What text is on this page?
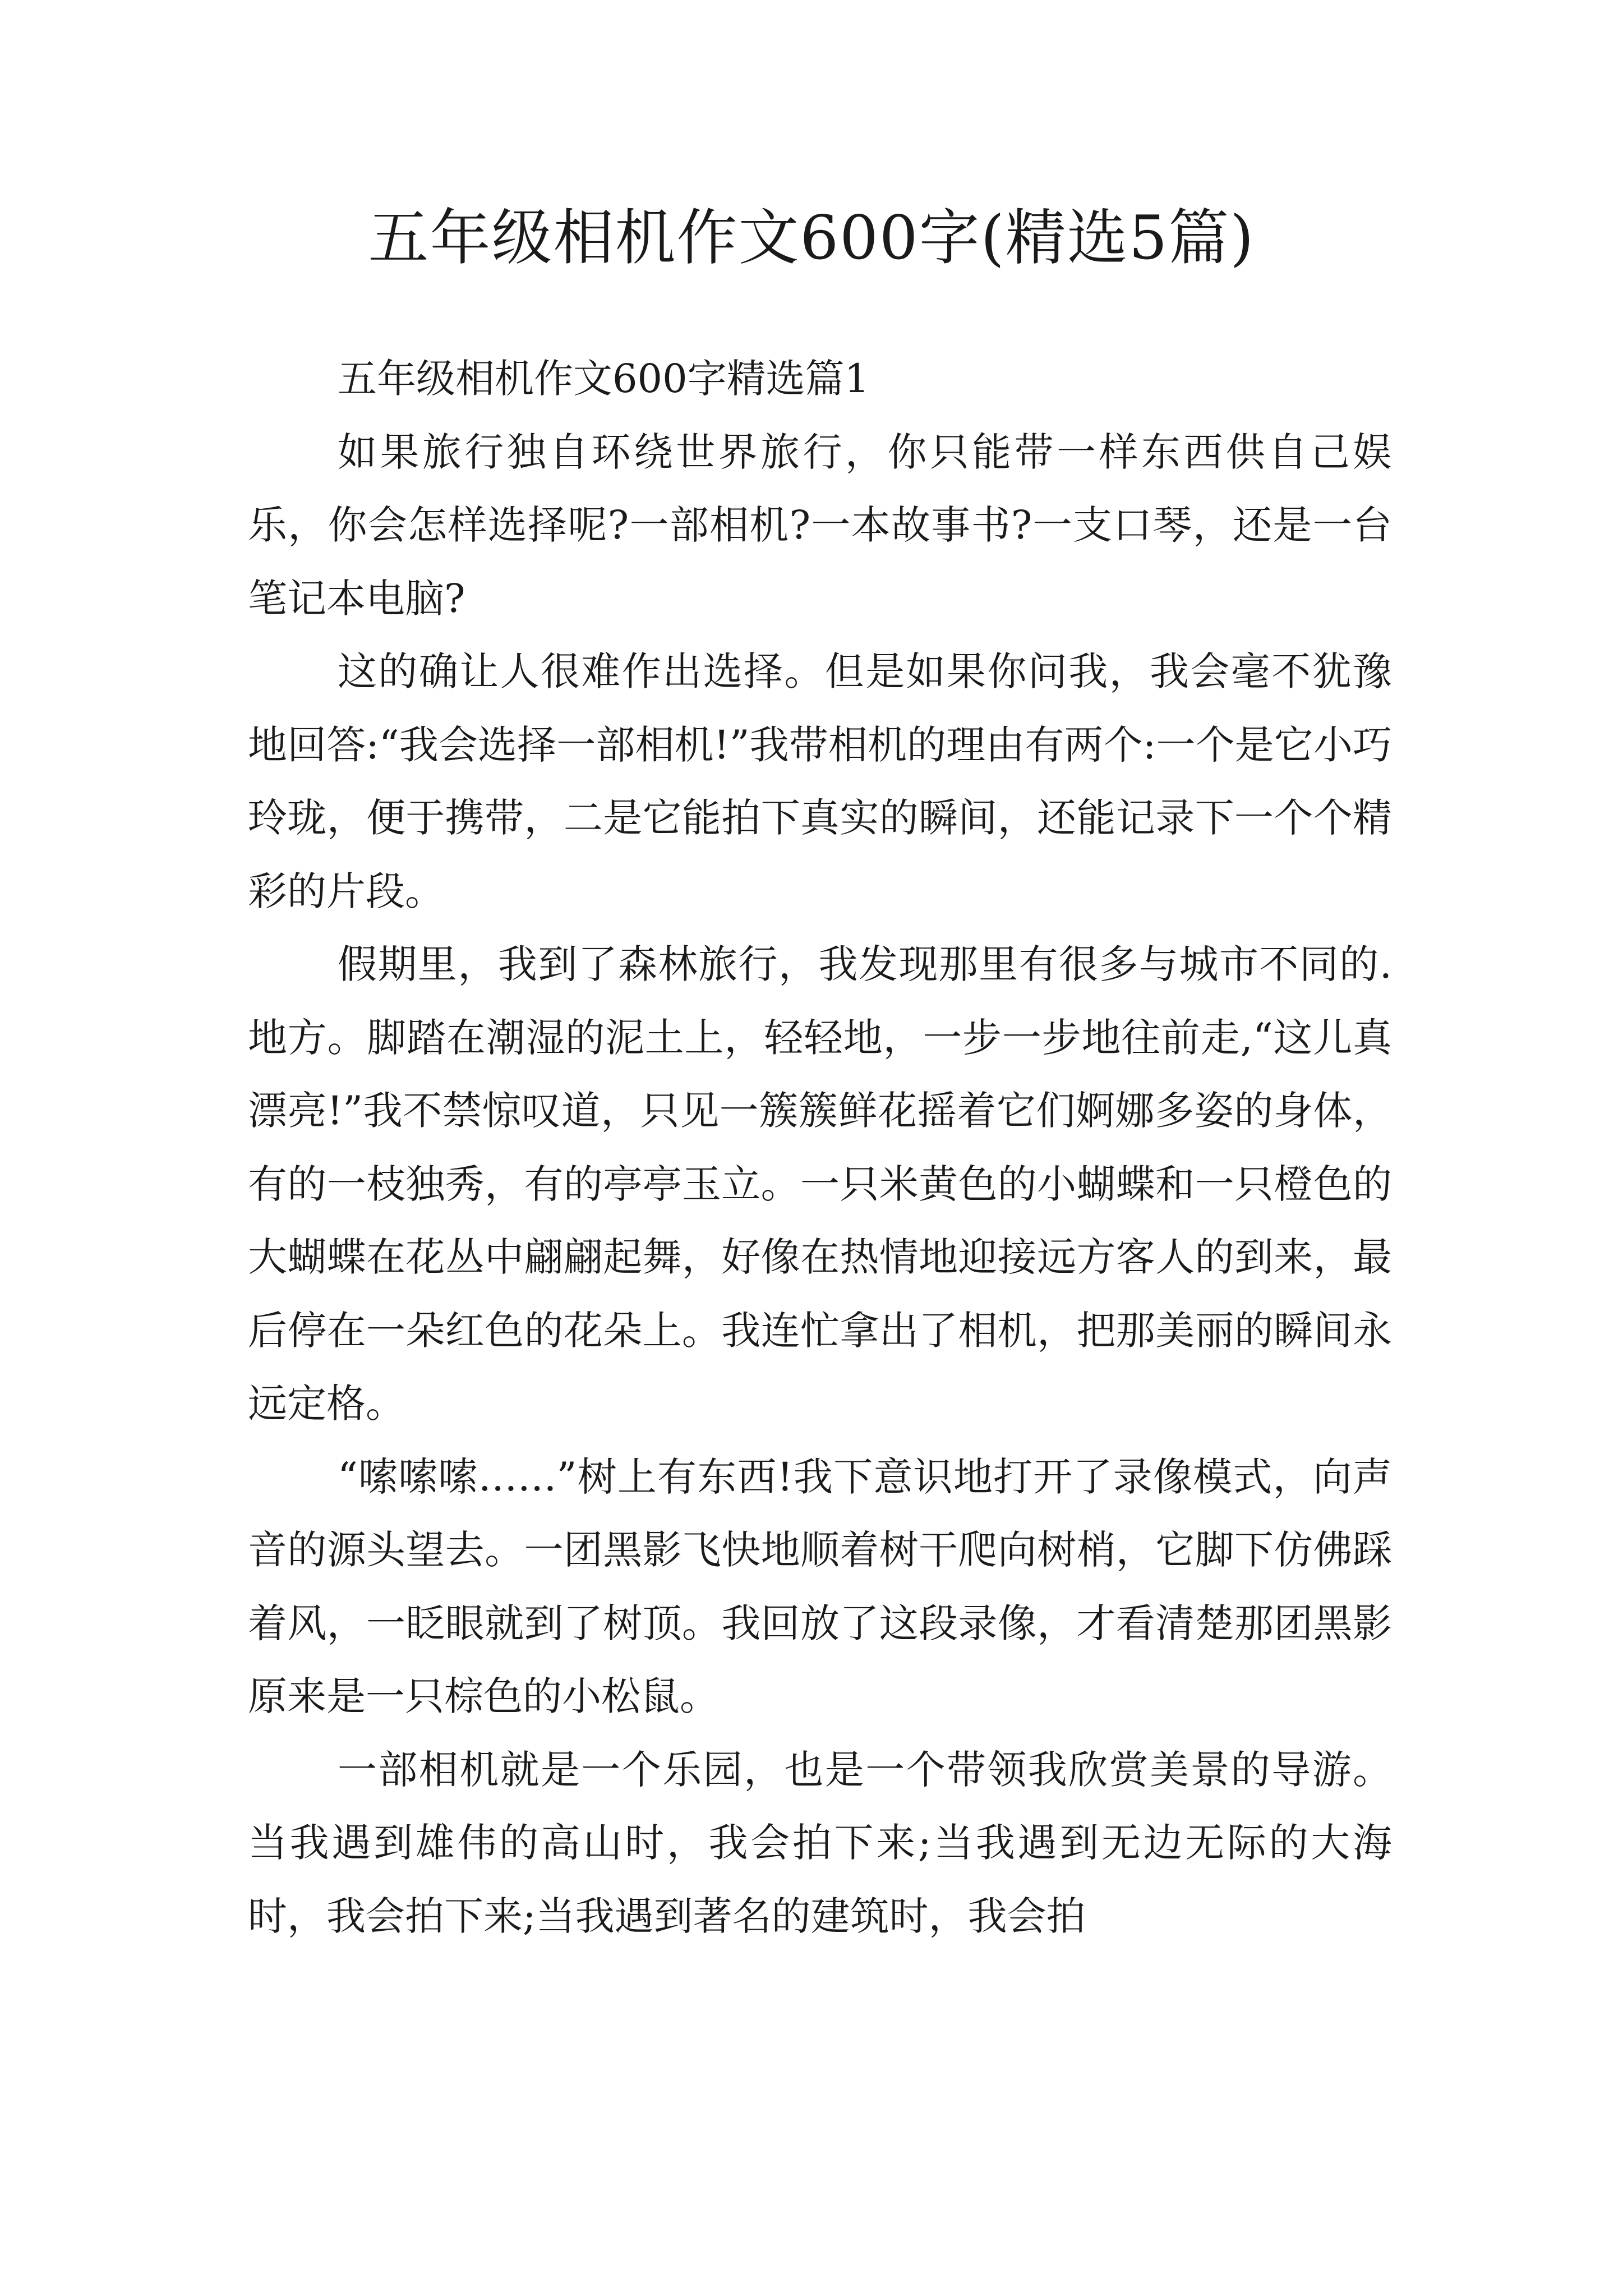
五年级相机作文600字(精选5篇)
五年级相机作文600字精选篇1

如果旅行独自环绕世界旅行，你只能带一样东西供自己娱乐，你会怎样选择呢?一部相机?一本故事书?一支口琴，还是一台笔记本电脑?

这的确让人很难作出选择。但是如果你问我，我会毫不犹豫地回答:“我会选择一部相机!”我带相机的理由有两个:一个是它小巧玲珑，便于携带，二是它能拍下真实的瞬间，还能记录下一个个精彩的片段。

假期里，我到了森林旅行，我发现那里有很多与城市不同的.地方。脚踏在潮湿的泥土上，轻轻地，一步一步地往前走,“这儿真漂亮!”我不禁惊叹道，只见一簇簇鲜花摇着它们婀娜多姿的身体，有的一枝独秀，有的亭亭玉立。一只米黄色的小蝴蝶和一只橙色的大蝴蝶在花丛中翩翩起舞，好像在热情地迎接远方客人的到来，最后停在一朵红色的花朵上。我连忙拿出了相机，把那美丽的瞬间永远定格。

“嗦嗦嗦……”树上有东西!我下意识地打开了录像模式，向声音的源头望去。一团黑影飞快地顺着树干爬向树梢，它脚下仿佛踩着风，一眨眼就到了树顶。我回放了这段录像，才看清楚那团黑影原来是一只棕色的小松鼠。

一部相机就是一个乐园，也是一个带领我欣赏美景的导游。当我遇到雄伟的高山时，我会拍下来;当我遇到无边无际的大海时，我会拍下来;当我遇到著名的建筑时，我会拍
